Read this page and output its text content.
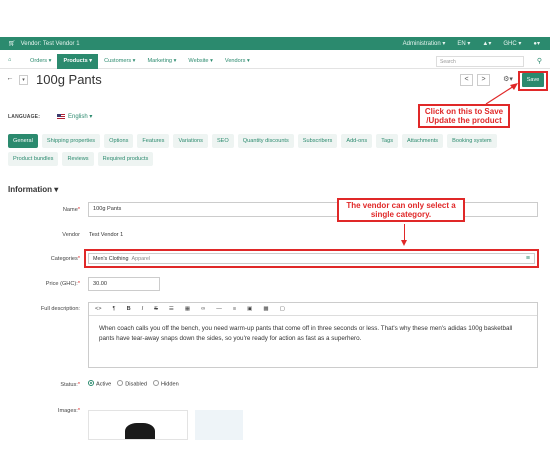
🛒︎ Vendor: Test Vendor 1	Administration ▾ EN ▾ ▲▾ GHC ▾ ●▾
⌂	Orders ▾	Products ▾	Customers ▾	Marketing ▾	Website ▾	Vendors ▾	Search	⚲
←	▾ 100g Pants	<	>	⚙▾	Save
Click on this to Save /Update the product
LANGUAGE:	English ▾
General	Shipping properties	Options	Features	Variations	SEO	Quantity discounts	Subscribers	Add-ons	Tags	Attachments	Booking system
Product bundles	Reviews	Required products
Information ▾
Name*	100g Pants
Vendor Test Vendor 1
The vendor can only select a single category.
Categories*	Men's Clothing Apparel	≡
Price (GHC):*	30.00
Full description:	<> ¶ B I S ☰ ▦ ∞ — ≡ ▣ ▩ ▢
When coach calls you off the bench, you need warm-up pants that come off in three seconds or less. That's why these men's adidas 100g basketball pants have tear-away snaps down the sides, so you're ready for action as fast as a superhero.
Status:*	Active	Disabled	Hidden
Images:*
